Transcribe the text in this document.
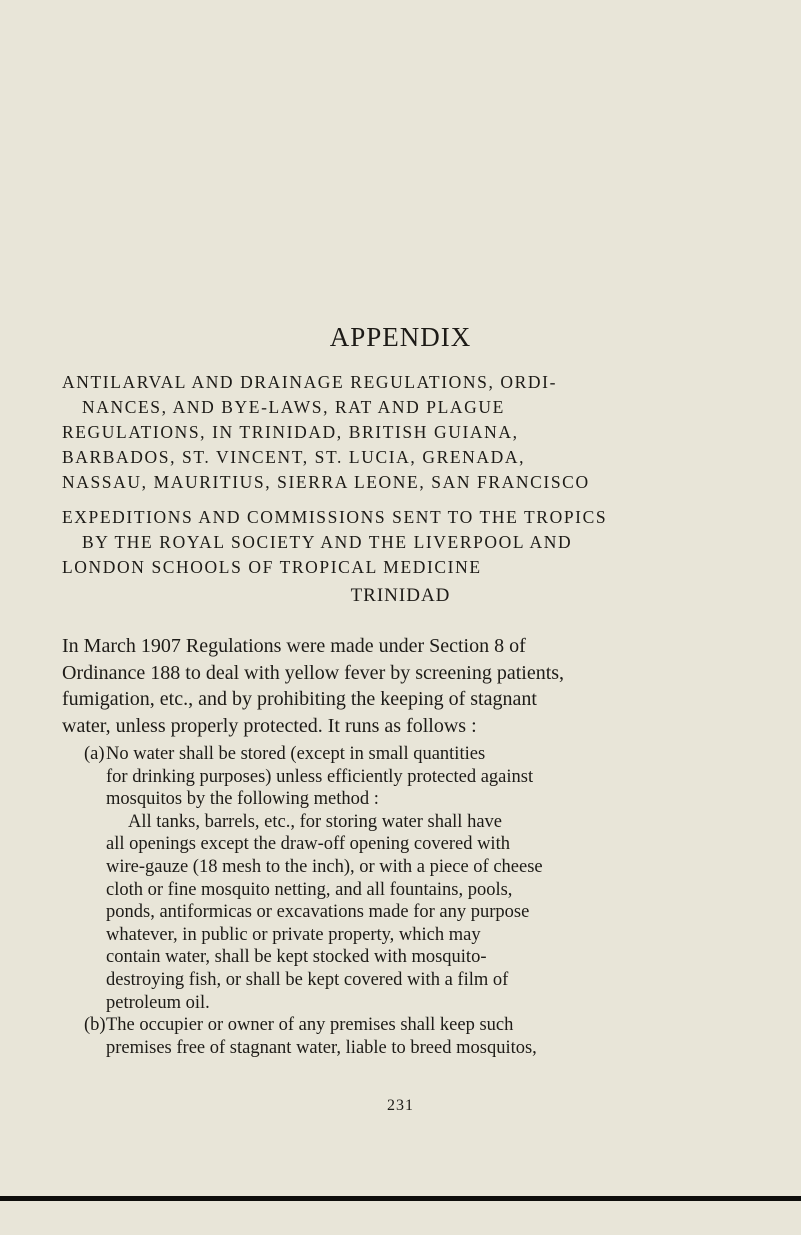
APPENDIX
ANTILARVAL AND DRAINAGE REGULATIONS, ORDI-
NANCES, AND BYE-LAWS, RAT AND PLAGUE
REGULATIONS, IN TRINIDAD, BRITISH GUIANA,
BARBADOS, ST. VINCENT, ST. LUCIA, GRENADA,
NASSAU, MAURITIUS, SIERRA LEONE, SAN FRANCISCO
EXPEDITIONS AND COMMISSIONS SENT TO THE TROPICS
BY THE ROYAL SOCIETY AND THE LIVERPOOL AND
LONDON SCHOOLS OF TROPICAL MEDICINE
TRINIDAD
In March 1907 Regulations were made under Section 8 of
Ordinance 188 to deal with yellow fever by screening patients,
fumigation, etc., and by prohibiting the keeping of stagnant
water, unless properly protected. It runs as follows :
(a)No water shall be stored (except in small quantities
for drinking purposes) unless efficiently protected against
mosquitos by the following method :
All tanks, barrels, etc., for storing water shall have
all openings except the draw-off opening covered with
wire-gauze (18 mesh to the inch), or with a piece of cheese
cloth or fine mosquito netting, and all fountains, pools,
ponds, antiformicas or excavations made for any purpose
whatever, in public or private property, which may
contain water, shall be kept stocked with mosquito-
destroying fish, or shall be kept covered with a film of
petroleum oil.
(b)The occupier or owner of any premises shall keep such
premises free of stagnant water, liable to breed mosquitos,
231
